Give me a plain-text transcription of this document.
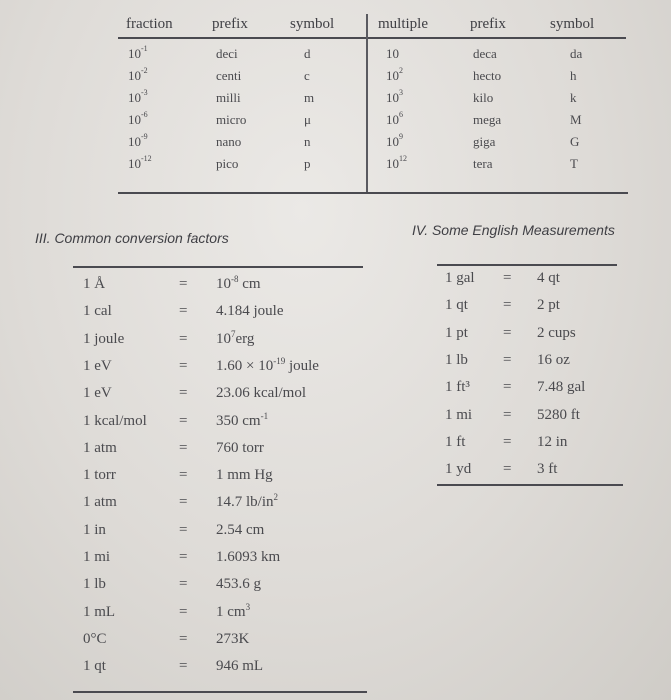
fraction	prefix	symbol	multiple	prefix	symbol
$10^{-1}$	deci	d	10	deca	da
$10^{-2}$	centi	c	$10^2$	hecto	h
$10^{-3}$	milli	m	$10^3$	kilo	k
$10^{-6}$	micro	μ	$10^6$	mega	M
$10^{-9}$	nano	n	$10^9$	giga	G
$10^{-12}$	pico	p	$10^{12}$	tera	T
III. Common conversion factors
1 Å	= $10^{-8}$ cm
1 cal	= 4.184 joule
1 joule	= $10^7erg$
1 eV	= $1.60 \times 10^{-19}$ joule
1 eV	= 23.06 kcal/mol
1 kcal/mol = 350 $cm^{-1}$
1 atm	= 760 torr
1 torr	= 1 mm Hg
1 atm	= 14.7 $lb/in^2$
1 in	= 2.54 cm
1 mi	= 1.6093 km
1 lb	= 453.6 g
1 mL	= 1 $cm^3$
0°C	= 273K
1 qt	= 946 mL
IV. Some English Measurements
1 gal = 4 qt
1 qt = 2 pt
1 pt = 2 cups
1 lb = 16 oz
1 ft³ = 7.48 gal
1 mi = 5280 ft
1 ft	= 12 in
1 yd = 3 ft
